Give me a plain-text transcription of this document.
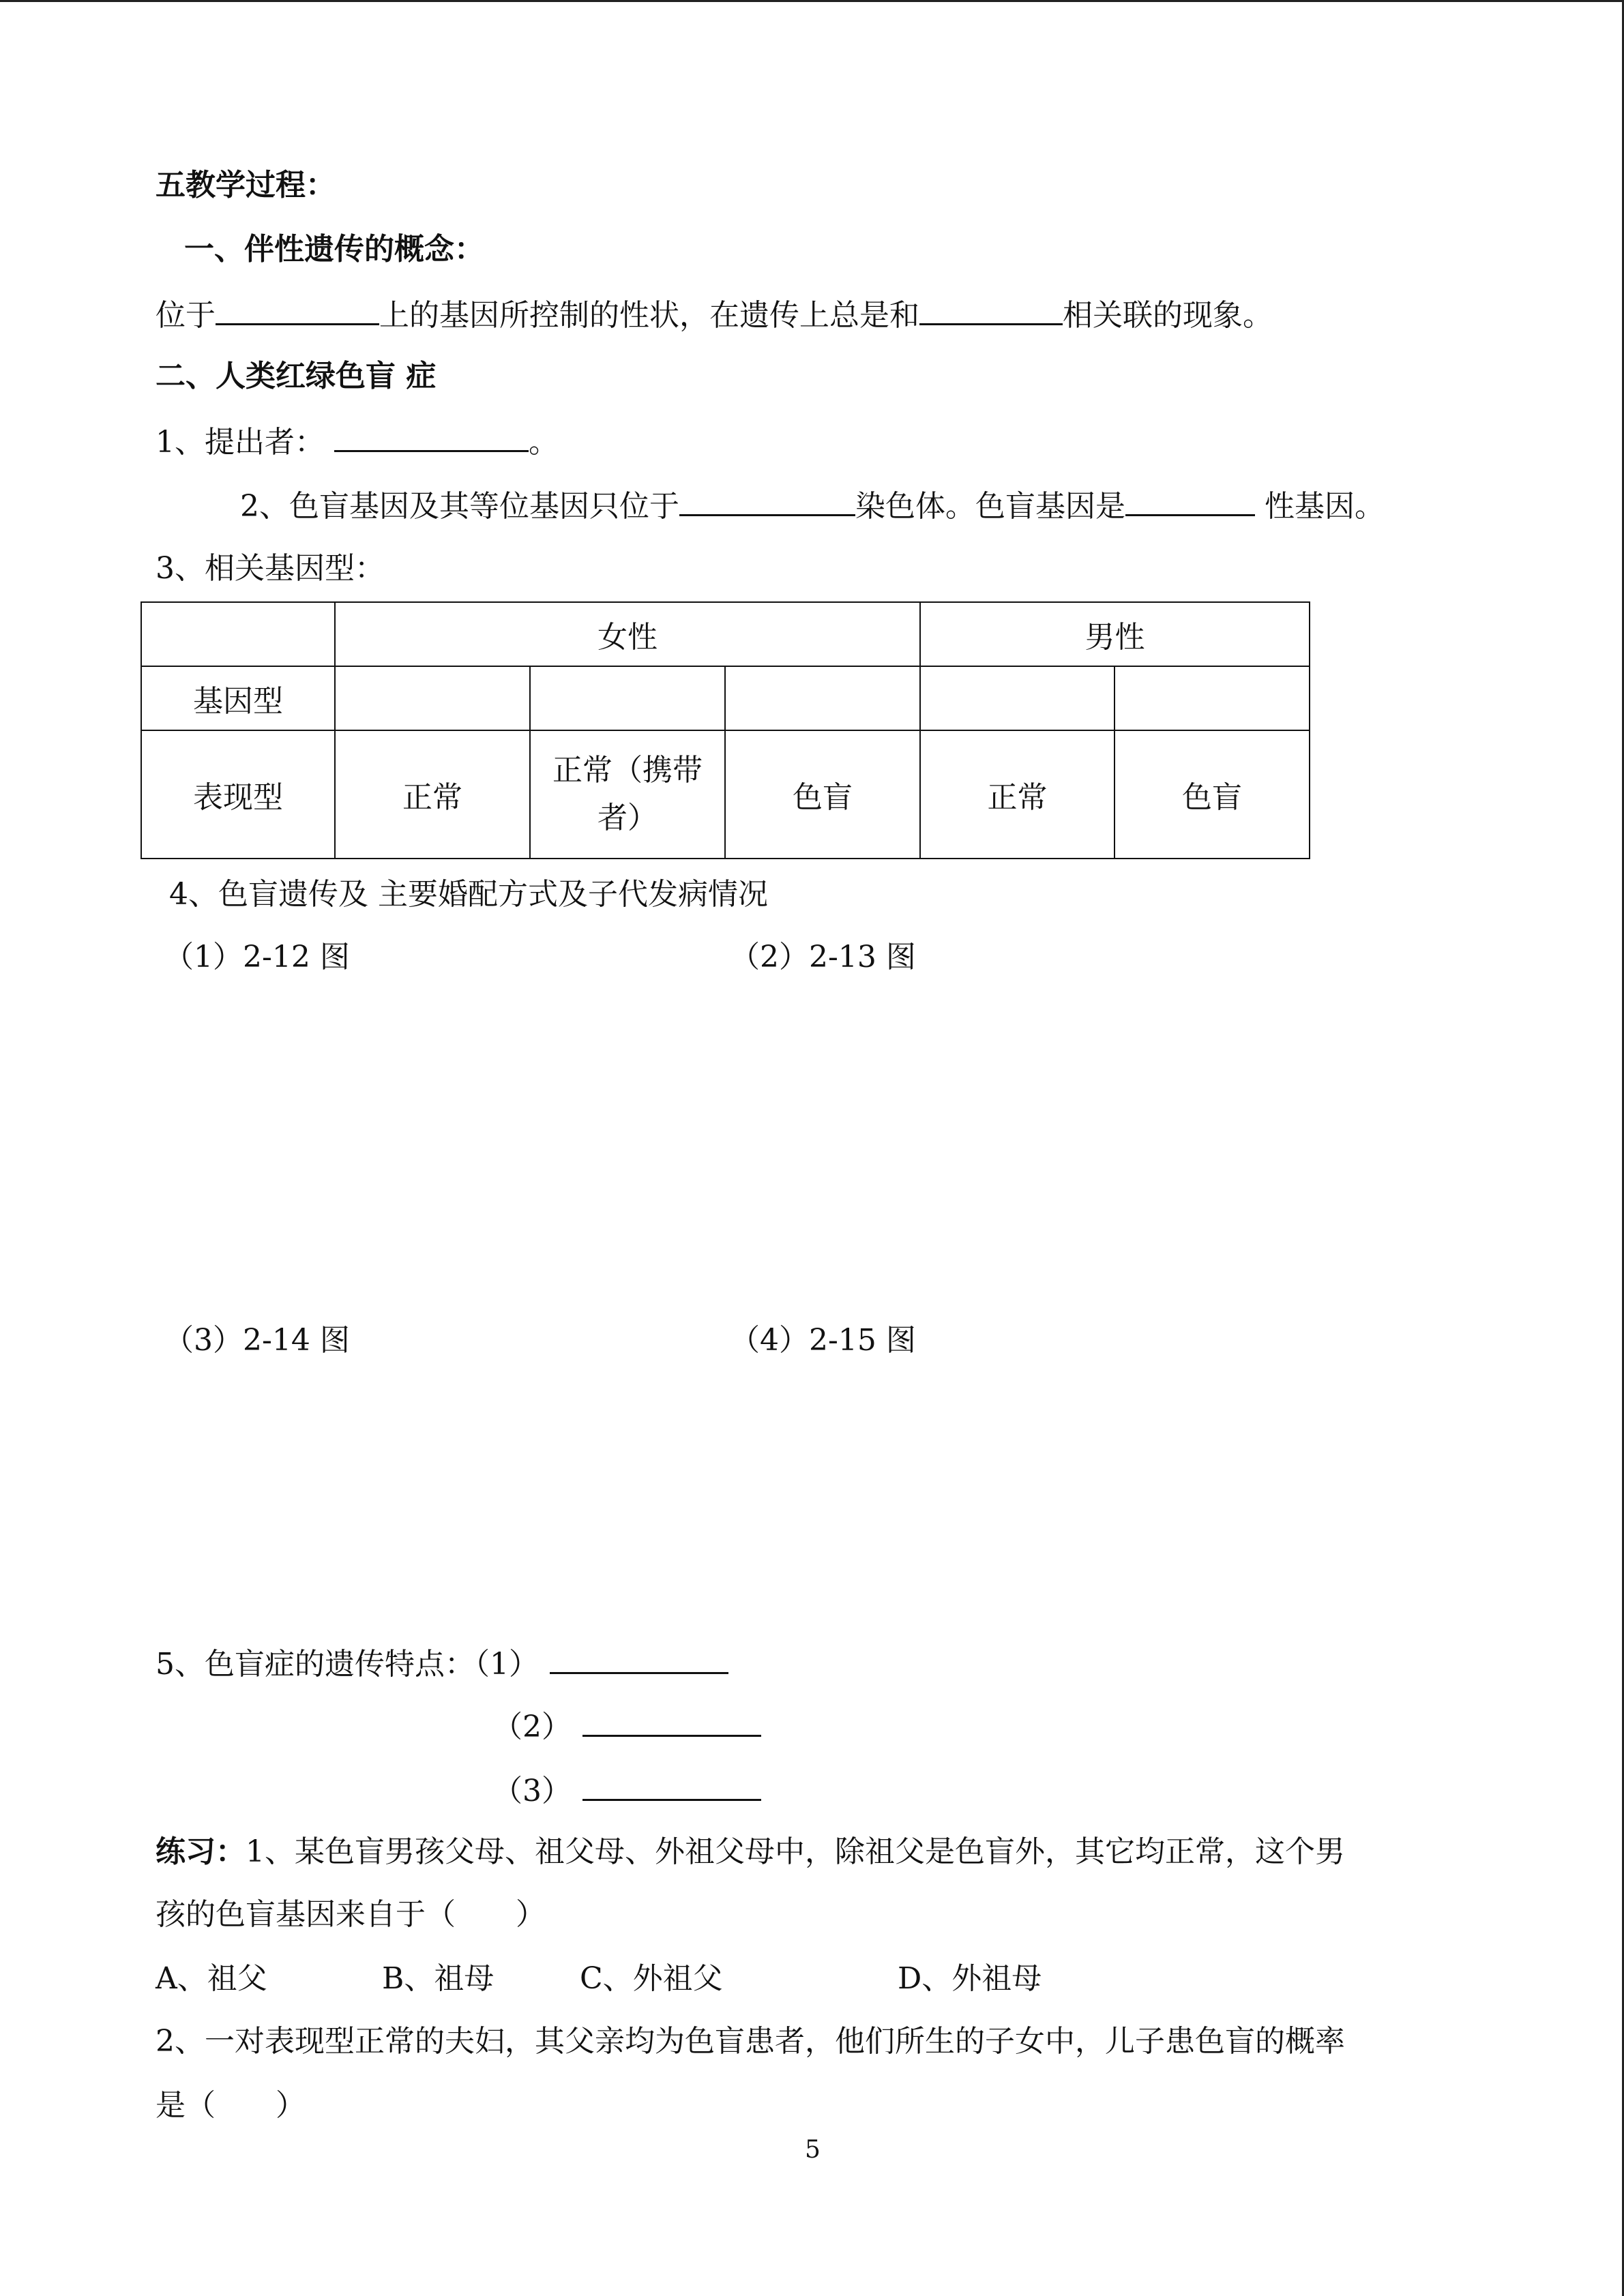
五教学过程：
一、伴性遗传的概念：
位于	上的基因所控制的性状，在遗传上总是和	相关联的现象。
二、人类红绿色盲 症
1、提出者：	。
2、色盲基因及其等位基因只位于	染色体。色盲基因是	性基因。
3、相关基因型：
	女性			男性	
基因型					
表现型	正常	正常（携带者）	色盲	正常	色盲
4、色盲遗传及 主要婚配方式及子代发病情况
（1）2-12 图	（2）2-13 图
（3）2-14 图	（4）2-15 图
5、色盲症的遗传特点：（1）
（2）
（3）
练习：1、某色盲男孩父母、祖父母、外祖父母中，除祖父是色盲外，其它均正常，这个男
孩的色盲基因来自于（　　）
A、祖父	B、祖母	C、外祖父	D、外祖母
2、一对表现型正常的夫妇，其父亲均为色盲患者，他们所生的子女中，儿子患色盲的概率
是（　　）
5
